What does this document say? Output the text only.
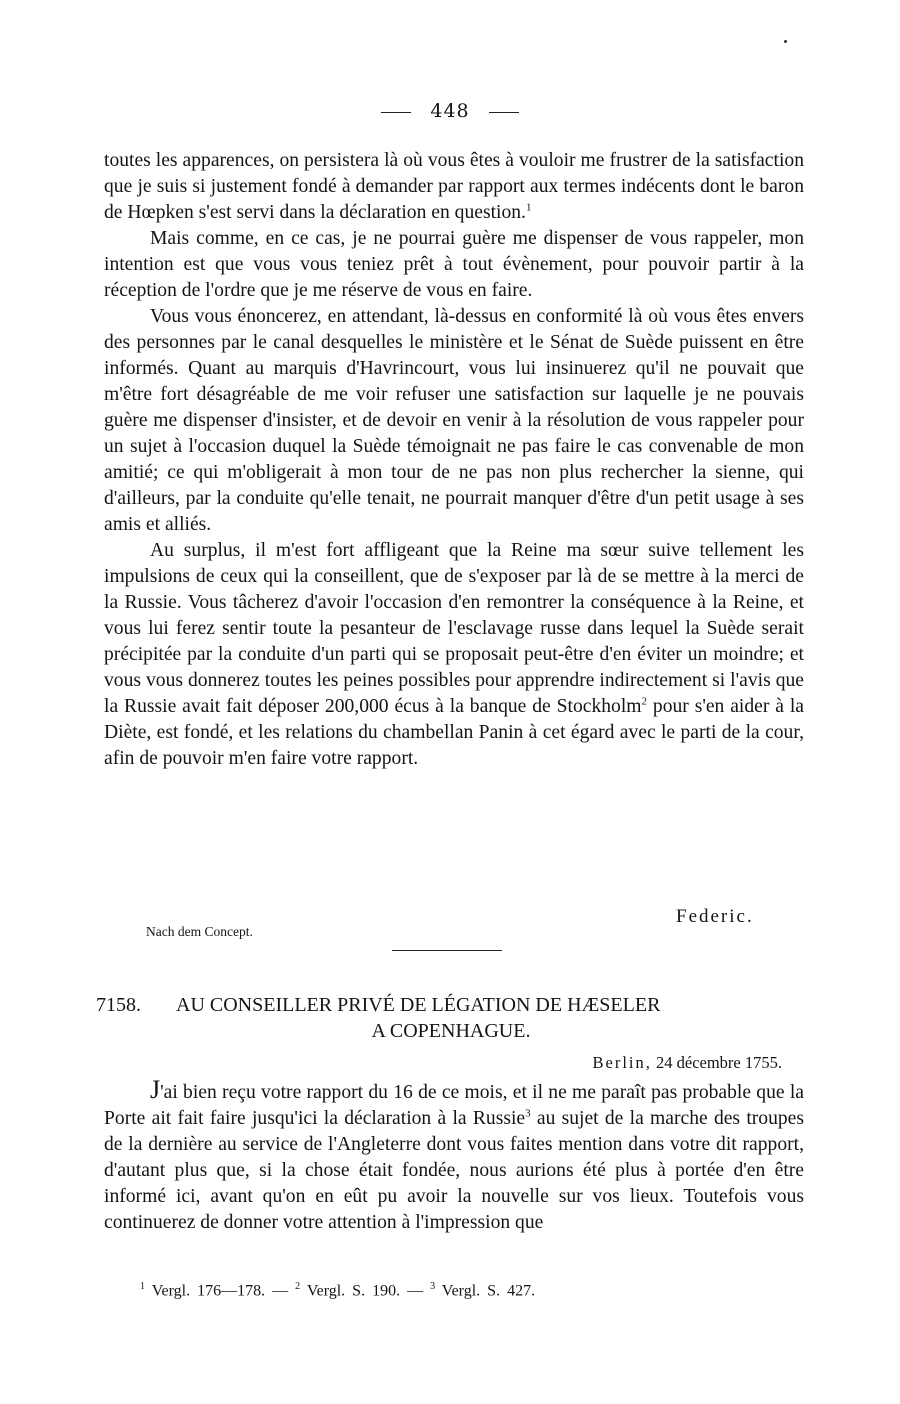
448

toutes les apparences, on persistera là où vous êtes à vouloir me frustrer de la satisfaction que je suis si justement fondé à demander par rapport aux termes indécents dont le baron de Hœpken s'est servi dans la déclaration en question.$^1$

Mais comme, en ce cas, je ne pourrai guère me dispenser de vous rappeler, mon intention est que vous vous teniez prêt à tout évènement, pour pouvoir partir à la réception de l'ordre que je me réserve de vous en faire.

Vous vous énoncerez, en attendant, là-dessus en conformité là où vous êtes envers des personnes par le canal desquelles le ministère et le Sénat de Suède puissent en être informés. Quant au marquis d'Havrincourt, vous lui insinuerez qu'il ne pouvait que m'être fort désagréable de me voir refuser une satisfaction sur laquelle je ne pouvais guère me dispenser d'insister, et de devoir en venir à la résolution de vous rappeler pour un sujet à l'occasion duquel la Suède témoignait ne pas faire le cas convenable de mon amitié; ce qui m'obligerait à mon tour de ne pas non plus rechercher la sienne, qui d'ailleurs, par la conduite qu'elle tenait, ne pourrait manquer d'être d'un petit usage à ses amis et alliés.

Au surplus, il m'est fort affligeant que la Reine ma sœur suive tellement les impulsions de ceux qui la conseillent, que de s'exposer par là de se mettre à la merci de la Russie. Vous tâcherez d'avoir l'occasion d'en remontrer la conséquence à la Reine, et vous lui ferez sentir toute la pesanteur de l'esclavage russe dans lequel la Suède serait précipitée par la conduite d'un parti qui se proposait peut-être d'en éviter un moindre; et vous vous donnerez toutes les peines possibles pour apprendre indirectement si l'avis que la Russie avait fait déposer 200,000 écus à la banque de Stockholm$^2$ pour s'en aider à la Diète, est fondé, et les relations du chambellan Panin à cet égard avec le parti de la cour, afin de pouvoir m'en faire votre rapport.

Federic.
Nach dem Concept.
7158.	AU CONSEILLER PRIVÉ DE LÉGATION DE HÆSELER
A COPENHAGUE.
Berlin, 24 décembre 1755.

J'ai bien reçu votre rapport du 16 de ce mois, et il ne me paraît pas probable que la Porte ait fait faire jusqu'ici la déclaration à la Russie$^3$ au sujet de la marche des troupes de la dernière au service de l'Angleterre dont vous faites mention dans votre dit rapport, d'autant plus que, si la chose était fondée, nous aurions été plus à portée d'en être informé ici, avant qu'on en eût pu avoir la nouvelle sur vos lieux. Toutefois vous continuerez de donner votre attention à l'impression que

$^1$ Vergl. 176—178. — $^2$ Vergl. S. 190. — $^3$ Vergl. S. 427.
